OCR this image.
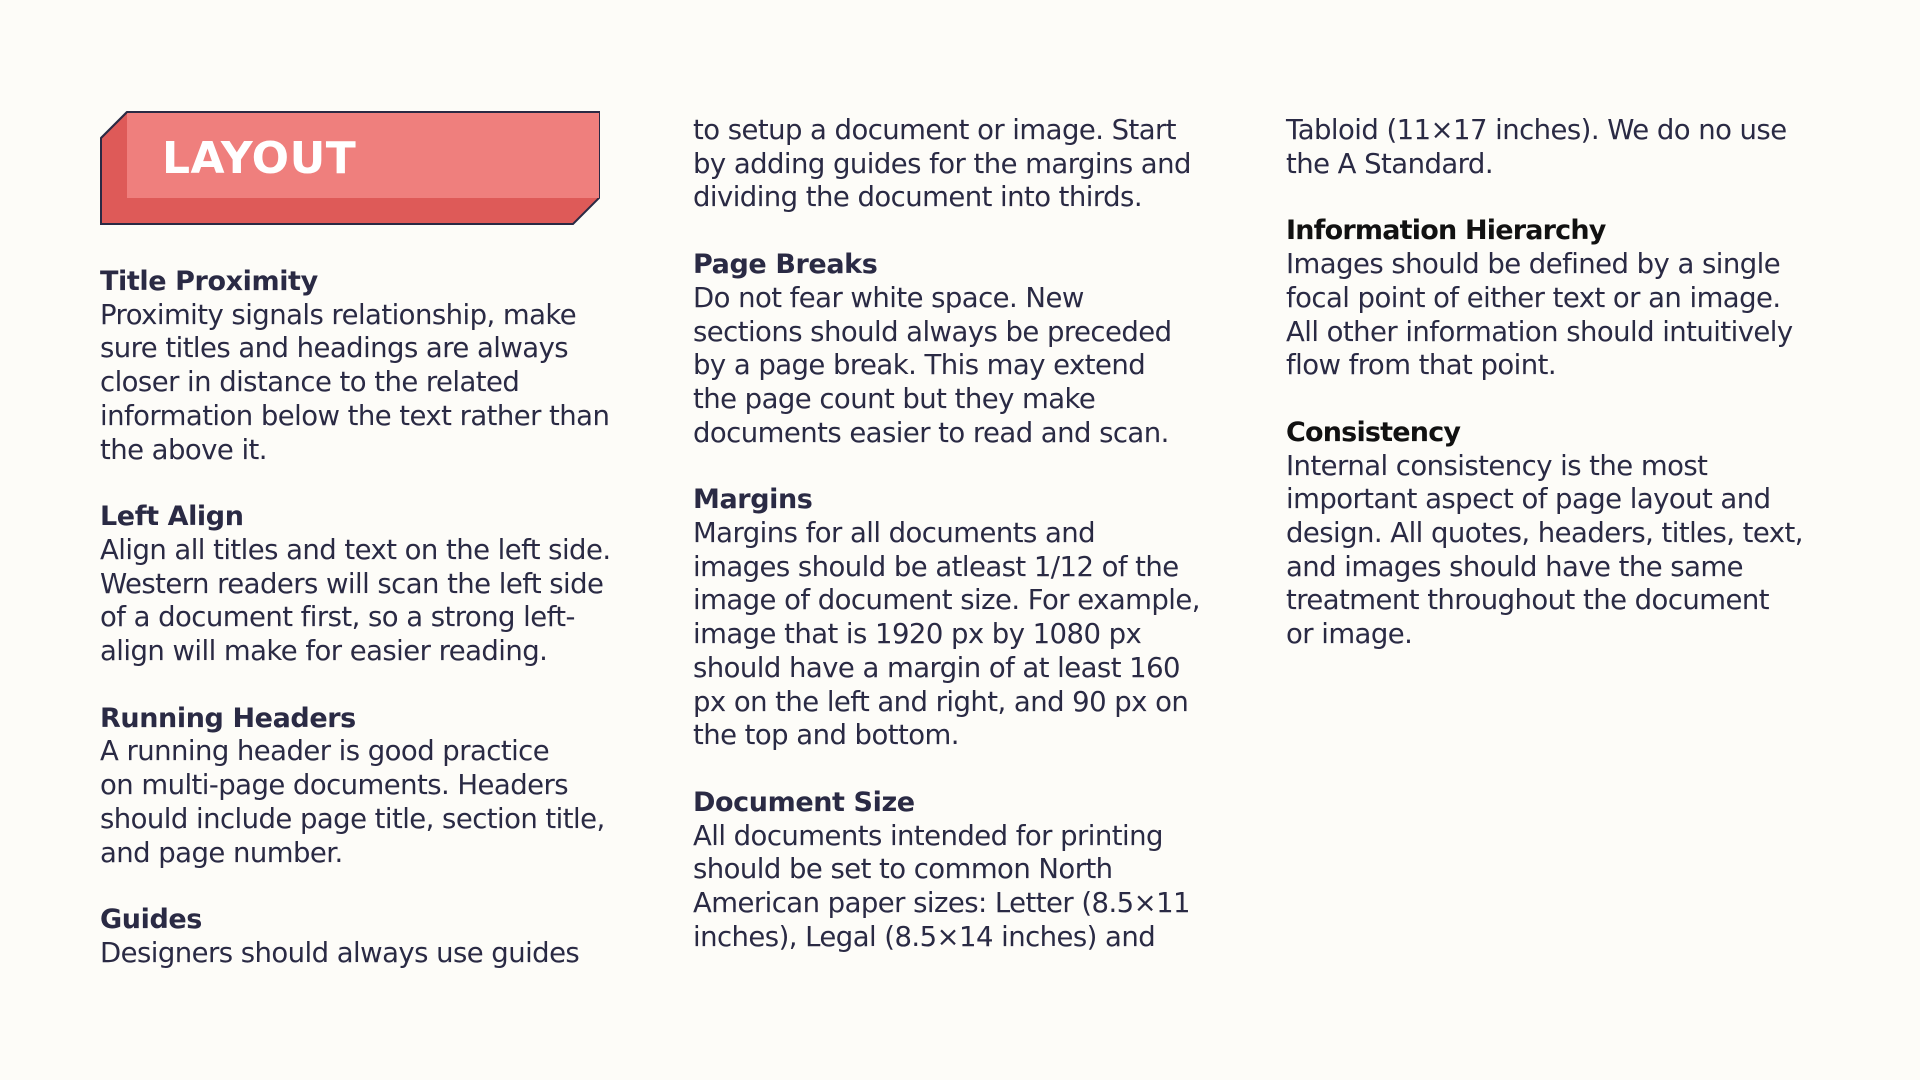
LAYOUT
Title Proximity

Proximity signals relationship, make
sure titles and headings are always
closer in distance to the related
information below the text rather than
the above it.

Left Align

Align all titles and text on the left side.
Western readers will scan the left side
of a document first, so a strong left-
align will make for easier reading.

Running Headers

A running header is good practice
on multi-page documents. Headers
should include page title, section title,
and page number.

Guides

Designers should always use guides

to setup a document or image. Start
by adding guides for the margins and
dividing the document into thirds.

Page Breaks

Do not fear white space. New
sections should always be preceded
by a page break. This may extend
the page count but they make
documents easier to read and scan.

Margins

Margins for all documents and
images should be atleast 1/12 of the
image of document size. For example,
image that is 1920 px by 1080 px
should have a margin of at least 160
px on the left and right, and 90 px on
the top and bottom.

Document Size

All documents intended for printing
should be set to common North
American paper sizes: Letter (8.5×11
inches), Legal (8.5×14 inches) and

Tabloid (11×17 inches). We do no use
the A Standard.

Information Hierarchy

Images should be defined by a single
focal point of either text or an image.
All other information should intuitively
flow from that point.

Consistency

Internal consistency is the most
important aspect of page layout and
design. All quotes, headers, titles, text,
and images should have the same
treatment throughout the document
or image.
